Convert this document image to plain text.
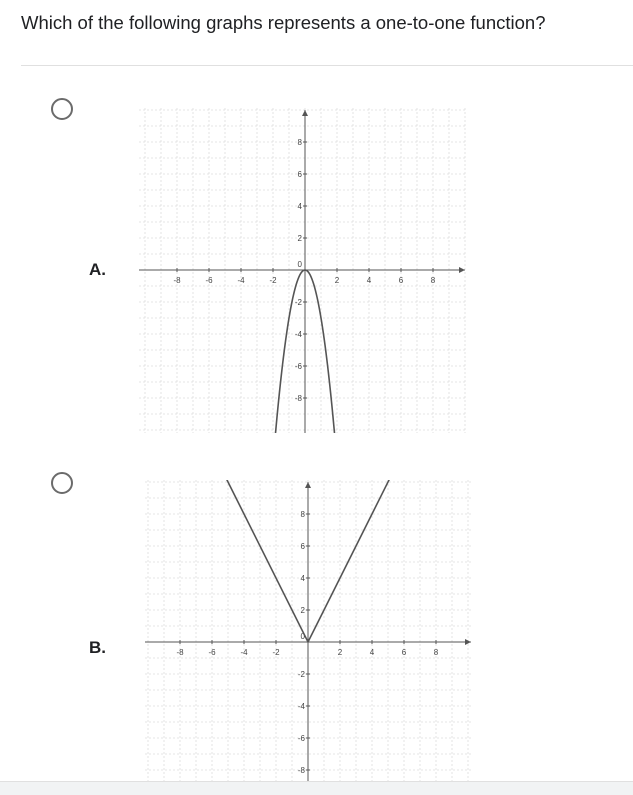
Which of the following graphs represents a one-to-one function?
A.
-8	-6	-4	-2	2	4	6	8
8
6
4
2
0
-2
-4
-6
-8
B.	-8	-6	-4	-2	2	4	6	8
8
6
4
2
0
-2
-4
-6
-8
